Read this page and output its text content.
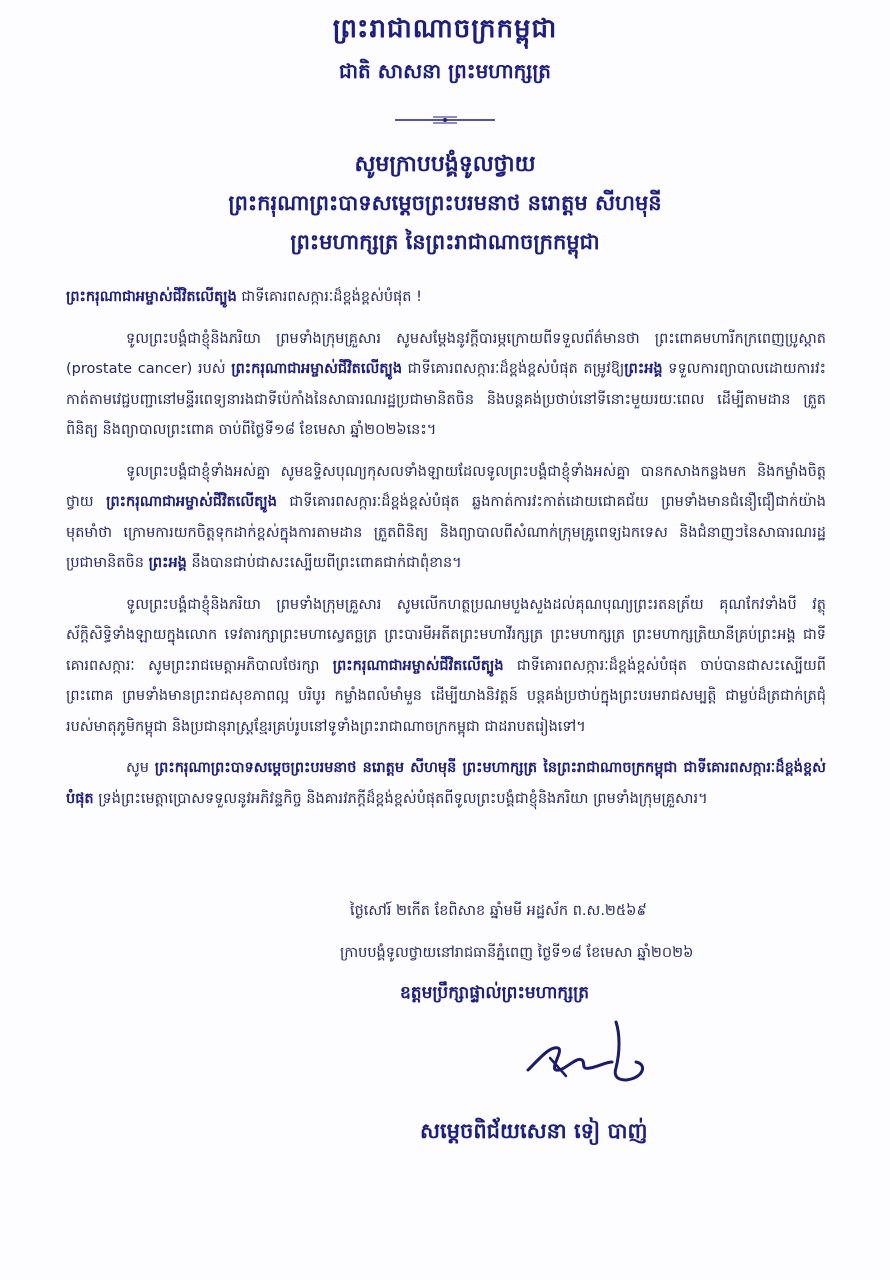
ព្រះរាជាណាចក្រកម្ពុជា
ជាតិ សាសនា ព្រះមហាក្សត្រ
សូមក្រាបបង្គំទូលថ្វាយ
ព្រះករុណាព្រះបាទសម្តេចព្រះបរមនាថ នរោត្តម សីហមុនី
ព្រះមហាក្សត្រ នៃព្រះរាជាណាចក្រកម្ពុជា

ព្រះករុណាជាអម្ចាស់ជីវិតលើត្បូង ជាទីគោរពសក្ការៈដ៏ខ្ពង់ខ្ពស់បំផុត !

ទូលព្រះបង្គំជាខ្ញុំនិងភរិយា ព្រមទាំងក្រុមគ្រួសារ សូមសម្តែងនូវក្តីបារម្ភក្រោយពីទទួលព័ត៌មានថា ព្រះពោគមហារីកក្រពេញប្រូស្តាត (prostate cancer) របស់ ព្រះករុណាជាអម្ចាស់ជីវិតលើត្បូង ជាទីគោរពសក្ការៈដ៏ខ្ពង់ខ្ពស់បំផុត តម្រូវឱ្យព្រះអង្គ ទទួលការព្យាបាលដោយការវះកាត់តាមវេជ្ជបញ្ជានៅមន្ទីរពេទ្យនារងជាទីប៉េកាំងនៃសាធារណរដ្ឋប្រជាមានិតចិន និងបន្តគង់ប្រថាប់នៅទីនោះមួយរយៈពេល ដើម្បីតាមដាន ត្រួតពិនិត្យ និងព្យាបាលព្រះពោគ ចាប់ពីថ្ងៃទី១៨ ខែមេសា ឆ្នាំ២០២៦នេះ។

ទូលព្រះបង្គំជាខ្ញុំទាំងអស់គ្នា សូមឧទ្ទិសបុណ្យកុសលទាំងឡាយដែលទូលព្រះបង្គំជាខ្ញុំទាំងអស់គ្នា បានកសាងកន្លងមក និងកម្លាំងចិត្តថ្វាយ ព្រះករុណាជាអម្ចាស់ជីវិតលើត្បូង ជាទីគោរពសក្ការៈដ៏ខ្ពង់ខ្ពស់បំផុត ឆ្លងកាត់ការវះកាត់ដោយជោគជ័យ ព្រមទាំងមានជំនឿជឿជាក់យ៉ាងមុតមាំថា ក្រោមការយកចិត្តទុកដាក់ខ្ពស់ក្នុងការតាមដាន ត្រួតពិនិត្យ និងព្យាបាលពីសំណាក់ក្រុមគ្រូពេទ្យឯកទេស និងជំនាញៗនៃសាធារណរដ្ឋប្រជាមានិតចិន ព្រះអង្គ នឹងបានជាប់ជាសះស្បើយពីព្រះពោគជាក់ជាពុំខាន។

ទូលព្រះបង្គំជាខ្ញុំនិងភរិយា ព្រមទាំងក្រុមគ្រួសារ សូមលើកហត្ថប្រណមបួងសួងដល់គុណបុណ្យព្រះរតនត្រ័យ គុណកែវទាំងបី វត្ថុស័ក្តិសិទ្ធិទាំងឡាយក្នុងលោក ទេវតារក្សាព្រះមហាស្វេតច្ឆត្រ ព្រះបារមីអតីតព្រះមហាវីរក្សត្រ ព្រះមហាក្សត្រ ព្រះមហាក្សត្រិយានីគ្រប់ព្រះអង្គ ជាទីគោរពសក្ការៈ សូមព្រះរាជមេត្តាអភិបាលថែរក្សា ព្រះករុណាជាអម្ចាស់ជីវិតលើត្បូង ជាទីគោរពសក្ការៈដ៏ខ្ពង់ខ្ពស់បំផុត ចាប់បានជាសះស្បើយពីព្រះពោគ ព្រមទាំងមានព្រះរាជសុខភាពល្អ បរិបូរ កម្លាំងពលំមាំមួន ដើម្បីយាងនិវត្តន៍ បន្តគង់ប្រថាប់ក្នុងព្រះបរមរាជសម្បត្តិ ជាម្លប់ដ៏ត្រជាក់ត្រជុំរបស់មាតុភូមិកម្ពុជា និងប្រជានុរាស្ត្រខ្មែរគ្រប់រូបនៅទូទាំងព្រះរាជាណាចក្រកម្ពុជា ជាដរាបតរៀងទៅ។

សូម ព្រះករុណាព្រះបាទសម្តេចព្រះបរមនាថ នរោត្តម សីហមុនី ព្រះមហាក្សត្រ នៃព្រះរាជាណាចក្រកម្ពុជា ជាទីគោរពសក្ការៈដ៏ខ្ពង់ខ្ពស់បំផុត ទ្រង់ព្រះមេត្តាប្រោសទទួលនូវអភិវន្ទកិច្ច និងគារវភក្តីដ៏ខ្ពង់ខ្ពស់បំផុតពីទូលព្រះបង្គំជាខ្ញុំនិងភរិយា ព្រមទាំងក្រុមគ្រួសារ។

ថ្ងៃសៅរ៍ ២កើត ខែពិសាខ ឆ្នាំមមី អដ្ឋស័ក ព.ស.២៥៦៩
ក្រាបបង្គំទូលថ្វាយនៅរាជធានីភ្នំពេញ ថ្ងៃទី១៨ ខែមេសា ឆ្នាំ២០២៦
ឧត្តមប្រឹក្សាផ្ទាល់ព្រះមហាក្សត្រ
សម្តេចពិជ័យសេនា ទៀ បាញ់
